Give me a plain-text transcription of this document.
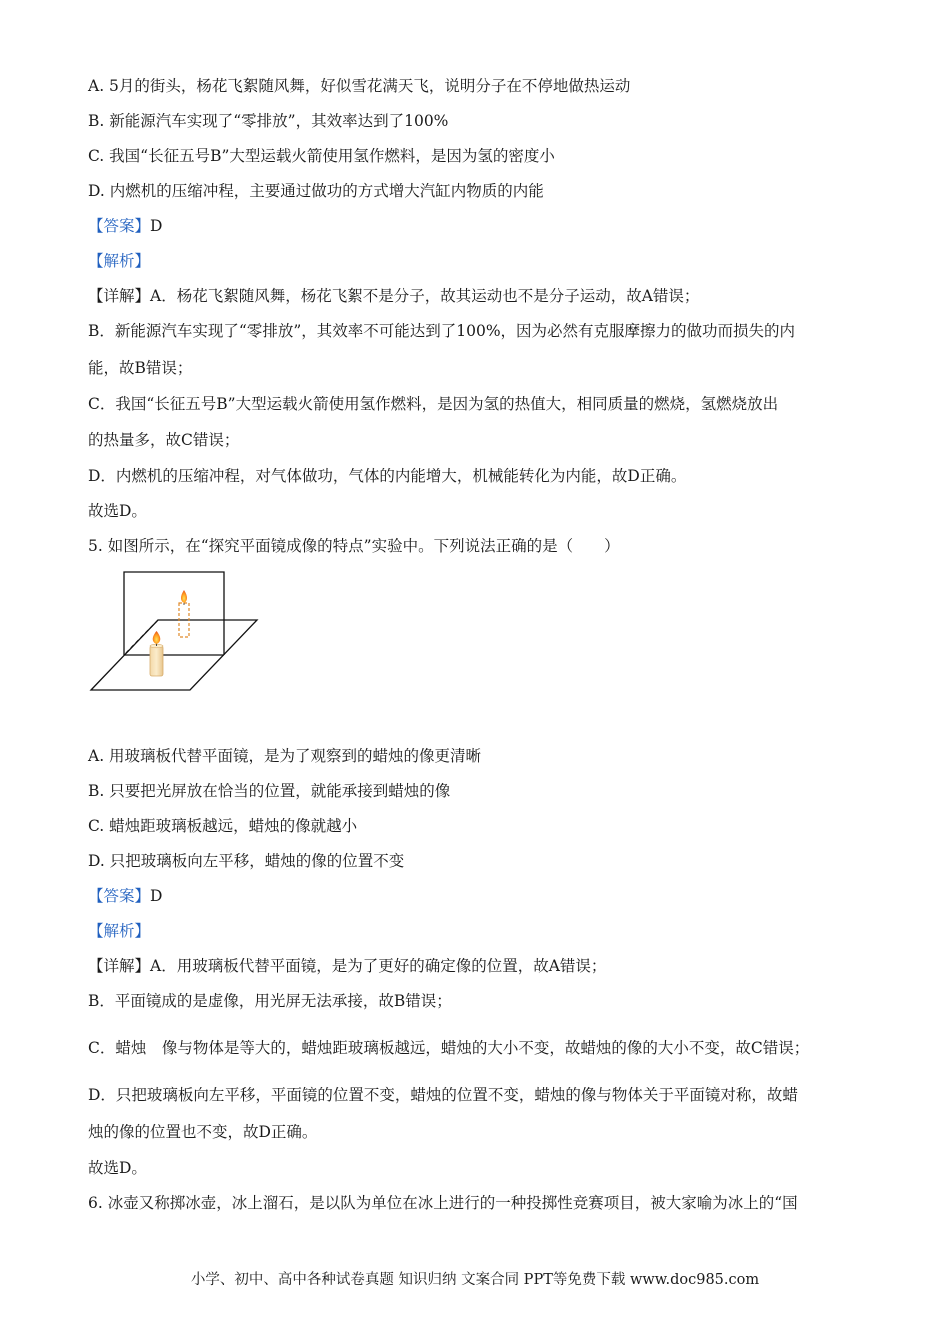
A. 5月的街头，杨花飞絮随风舞，好似雪花满天飞，说明分子在不停地做热运动
B. 新能源汽车实现了“零排放”，其效率达到了100%
C. 我国“长征五号B”大型运载火箭使用氢作燃料，是因为氢的密度小
D. 内燃机的压缩冲程，主要通过做功的方式增大汽缸内物质的内能
【答案】D
【解析】
【详解】A．杨花飞絮随风舞，杨花飞絮不是分子，故其运动也不是分子运动，故A错误；
B．新能源汽车实现了“零排放”，其效率不可能达到了100%，因为必然有克服摩擦力的做功而损失的内
能，故B错误；
C．我国“长征五号B”大型运载火箭使用氢作燃料，是因为氢的热值大，相同质量的燃烧，氢燃烧放出
的热量多，故C错误；
D．内燃机的压缩冲程，对气体做功，气体的内能增大，机械能转化为内能，故D正确。
故选D。
5. 如图所示，在“探究平面镜成像的特点”实验中。下列说法正确的是（　　）
A. 用玻璃板代替平面镜，是为了观察到的蜡烛的像更清晰
B. 只要把光屏放在恰当的位置，就能承接到蜡烛的像
C. 蜡烛距玻璃板越远，蜡烛的像就越小
D. 只把玻璃板向左平移，蜡烛的像的位置不变
【答案】D
【解析】
【详解】A．用玻璃板代替平面镜，是为了更好的确定像的位置，故A错误；
B．平面镜成的是虚像，用光屏无法承接，故B错误；
C．蜡烛　像与物体是等大的，蜡烛距玻璃板越远，蜡烛的大小不变，故蜡烛的像的大小不变，故C错误；
D．只把玻璃板向左平移，平面镜的位置不变，蜡烛的位置不变，蜡烛的像与物体关于平面镜对称，故蜡
烛的像的位置也不变，故D正确。
故选D。
6. 冰壶又称掷冰壶，冰上溜石，是以队为单位在冰上进行的一种投掷性竞赛项目，被大家喻为冰上的“国
小学、初中、高中各种试卷真题 知识归纳 文案合同 PPT等免费下载 www.doc985.com
